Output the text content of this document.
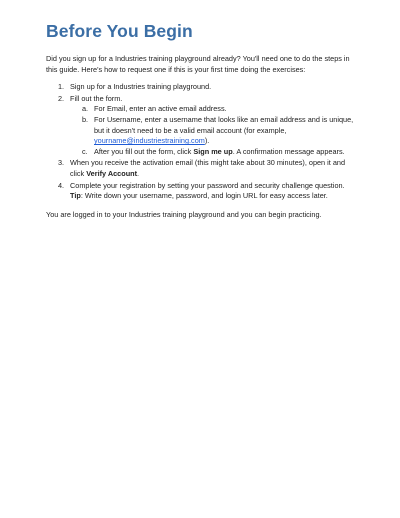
Before You Begin

Did you sign up for a Industries training playground already? You'll need one to do the steps in this guide. Here's how to request one if this is your first time doing the exercises:

1. Sign up for a Industries training playground.
2. Fill out the form.
a. For Email, enter an active email address.
b. For Username, enter a username that looks like an email address and is unique, but it doesn't need to be a valid email account (for example, yourname@industriestraining.com).
c. After you fill out the form, click Sign me up. A confirmation message appears.
3. When you receive the activation email (this might take about 30 minutes), open it and click Verify Account.
4. Complete your registration by setting your password and security challenge question.
Tip: Write down your username, password, and login URL for easy access later.

You are logged in to your Industries training playground and you can begin practicing.
